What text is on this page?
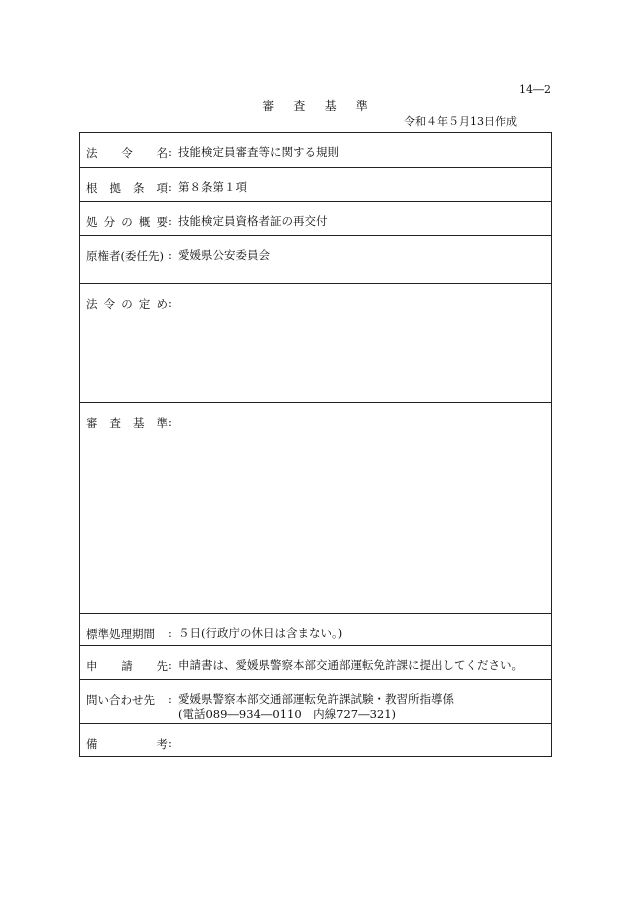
14―2
審査基準
令和４年５月13日作成
法 令 名 : 技能検定員審査等に関する規則
根 拠 条 項 : 第８条第１項
処 分 の 概 要 : 技能検定員資格者証の再交付
原権者(委任先) : 愛媛県公安委員会
法 令 の 定 め :
審 査 基 準 :
標準処理期間 : ５日(行政庁の休日は含まない。)
申 請 先 : 申請書は、愛媛県警察本部交通部運転免許課に提出してください。
問い合わせ先 : 愛媛県警察本部交通部運転免許課試験・教習所指導係
(電話089―934―0110　内線727―321)
備	考 :
